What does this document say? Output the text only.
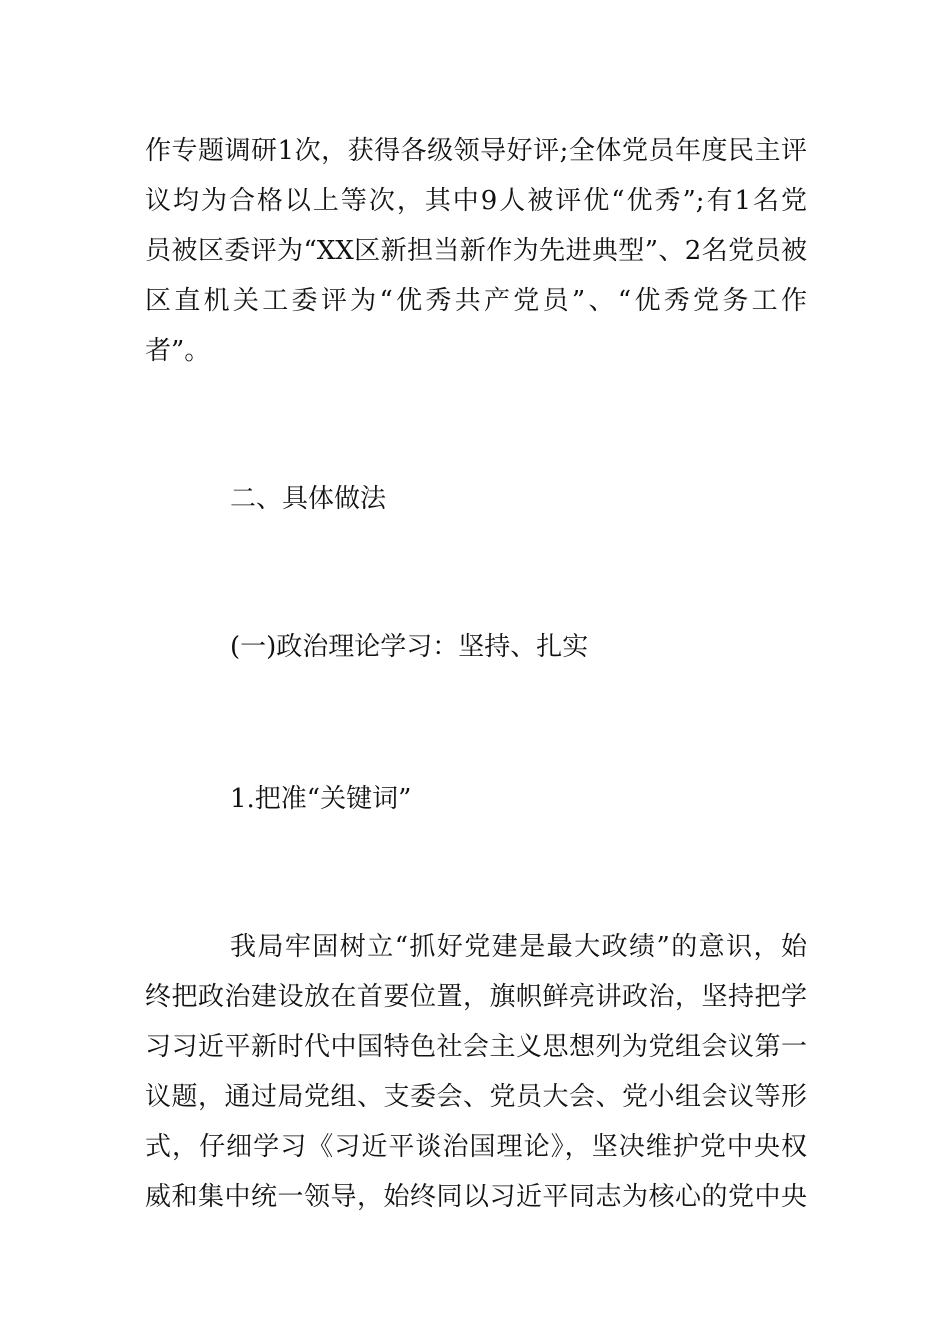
作专题调研1次，获得各级领导好评;全体党员年度民主评
议均为合格以上等次，其中9人被评优“优秀”;有1名党
员被区委评为“XX区新担当新作为先进典型”、2名党员被
区直机关工委评为“优秀共产党员”、“优秀党务工作
者”。
二、具体做法
(一)政治理论学习：坚持、扎实
1.把准“关键词”
我局牢固树立“抓好党建是最大政绩”的意识，始
终把政治建设放在首要位置，旗帜鲜亮讲政治，坚持把学
习习近平新时代中国特色社会主义思想列为党组会议第一
议题，通过局党组、支委会、党员大会、党小组会议等形
式，仔细学习《习近平谈治国理论》，坚决维护党中央权
威和集中统一领导，始终同以习近平同志为核心的党中央
